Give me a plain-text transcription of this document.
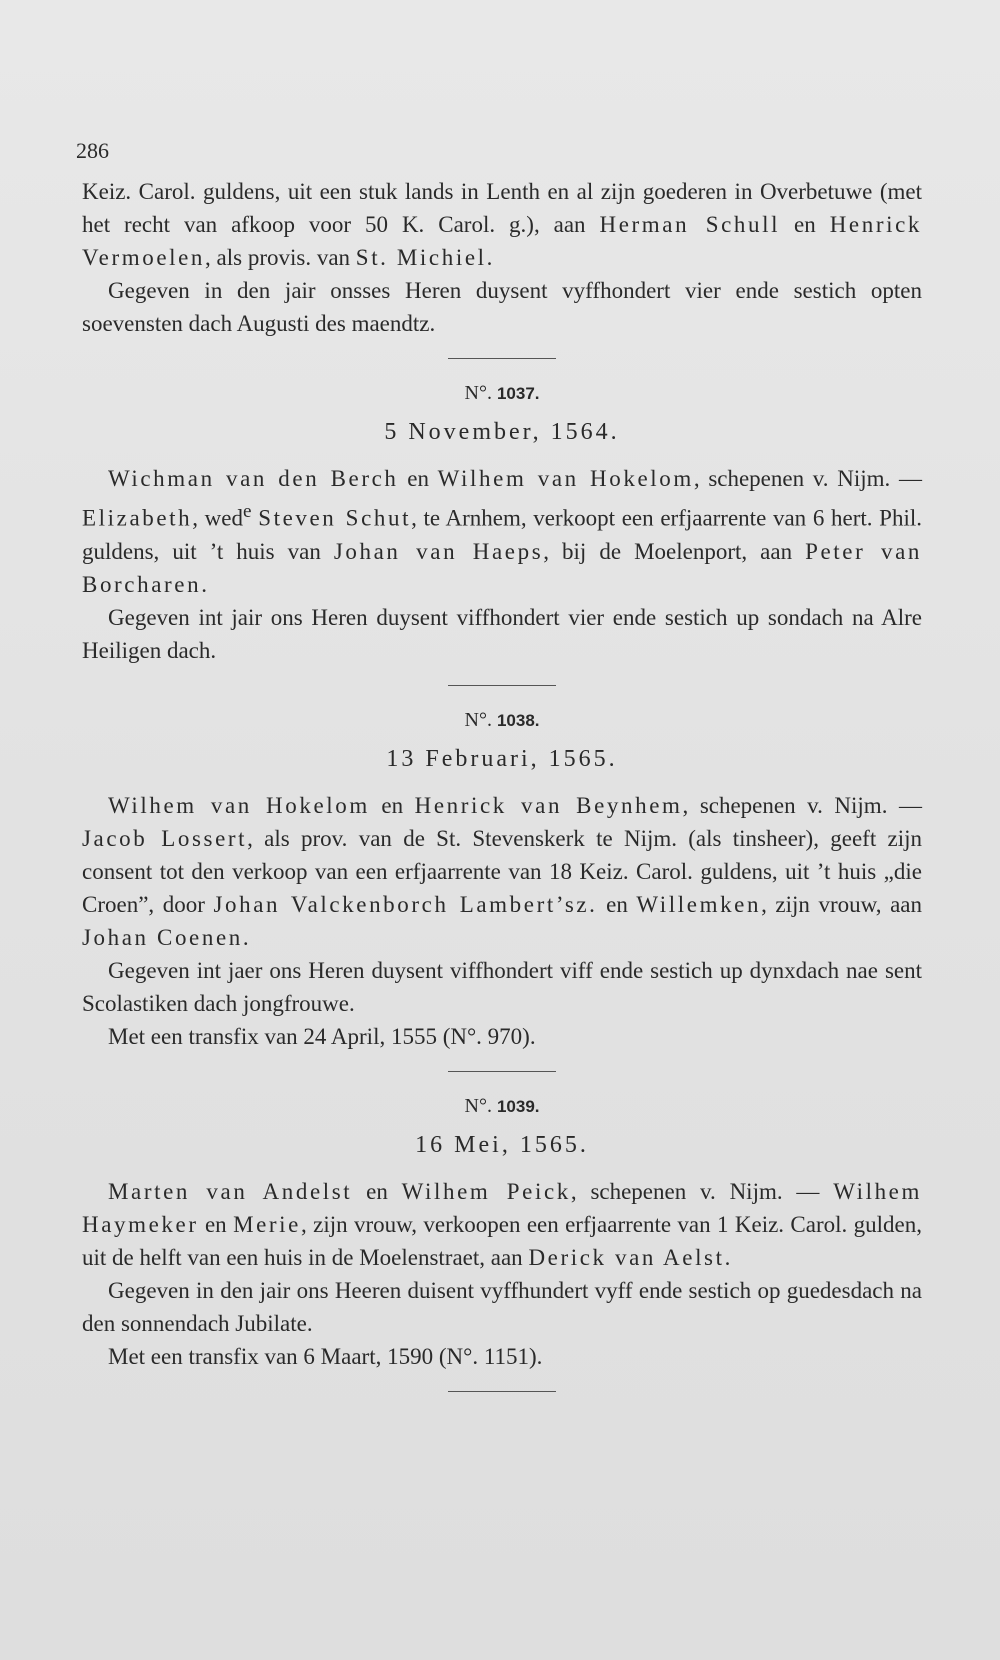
286

Keiz. Carol. guldens, uit een stuk lands in Lenth en al zijn goederen in Overbetuwe (met het recht van afkoop voor 50 K. Carol. g.), aan Herman Schull en Henrick Vermoelen, als provis. van St. Michiel.

Gegeven in den jair onsses Heren duysent vyffhondert vier ende sestich opten soevensten dach Augusti des maendtz.

N°. 1037.

5 November, 1564.

Wichman van den Berch en Wilhem van Hokelom, schepenen v. Nijm. — Elizabeth, wed$^e$ Steven Schut, te Arnhem, verkoopt een erfjaarrente van 6 hert. Phil. guldens, uit ’t huis van Johan van Haeps, bij de Moelenport, aan Peter van Borcharen.

Gegeven int jair ons Heren duysent viffhondert vier ende sestich up sondach na Alre Heiligen dach.

N°. 1038.

13 Februari, 1565.

Wilhem van Hokelom en Henrick van Beynhem, schepenen v. Nijm. — Jacob Lossert, als prov. van de St. Stevenskerk te Nijm. (als tinsheer), geeft zijn consent tot den verkoop van een erfjaarrente van 18 Keiz. Carol. guldens, uit ’t huis „die Croen”, door Johan Valckenborch Lambert’sz. en Willemken, zijn vrouw, aan Johan Coenen.

Gegeven int jaer ons Heren duysent viffhondert viff ende sestich up dynxdach nae sent Scolastiken dach jongfrouwe.

Met een transfix van 24 April, 1555 (N°. 970).

N°. 1039.

16 Mei, 1565.

Marten van Andelst en Wilhem Peick, schepenen v. Nijm. — Wilhem Haymeker en Merie, zijn vrouw, verkoopen een erfjaarrente van 1 Keiz. Carol. gulden, uit de helft van een huis in de Moelenstraet, aan Derick van Aelst.

Gegeven in den jair ons Heeren duisent vyffhundert vyff ende sestich op guedesdach na den sonnendach Jubilate.

Met een transfix van 6 Maart, 1590 (N°. 1151).
